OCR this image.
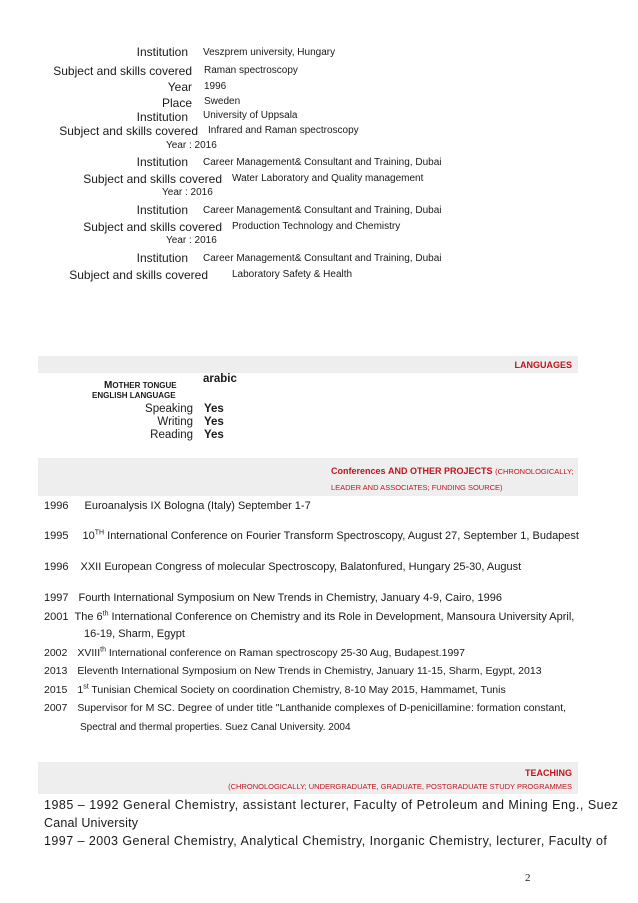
Institution Veszprem university, Hungary
Subject and skills covered Raman spectroscopy
Year 1996
Place Sweden
Institution University of Uppsala
Subject and skills covered Infrared and Raman spectroscopy
Year : 2016
Institution Career Management& Consultant and Training, Dubai
Subject and skills covered Water Laboratory and Quality management
Year : 2016
Institution Career Management& Consultant and Training, Dubai
Subject and skills covered Production Technology and Chemistry
Year : 2016
Institution Career Management& Consultant and Training, Dubai
Subject and skills covered Laboratory Safety & Health
LANGUAGES
MOTHER TONGUE
arabic
ENGLISH LANGUAGE
Speaking Yes
Writing Yes
Reading Yes
Conferences AND OTHER PROJECTS (CHRONOLOGICALLY;
LEADER AND ASSOCIATES; FUNDING SOURCE)
1996 Euroanalysis IX Bologna (Italy) September 1-7
1995 10TH International Conference on Fourier Transform Spectroscopy, August 27, September 1, Budapest
1996 XXII European Congress of molecular Spectroscopy, Balatonfured, Hungary 25-30, August
1997 Fourth International Symposium on New Trends in Chemistry, January 4-9, Cairo, 1996
2001 The 6th International Conference on Chemistry and its Role in Development, Mansoura University April,
16-19, Sharm, Egypt
2002 XVIIIth International conference on Raman spectroscopy 25-30 Aug, Budapest.1997
2013 Eleventh International Symposium on New Trends in Chemistry, January 11-15, Sharm, Egypt, 2013
2015 1st Tunisian Chemical Society on coordination Chemistry, 8-10 May 2015, Hammamet, Tunis
2007 Supervisor for M SC. Degree of under title "Lanthanide complexes of D-penicillamine: formation constant,
Spectral and thermal properties. Suez Canal University. 2004
TEACHING
(CHRONOLOGICALLY; UNDERGRADUATE, GRADUATE, POSTGRADUATE STUDY PROGRAMMES
1985 – 1992 General Chemistry, assistant lecturer, Faculty of Petroleum and Mining Eng., Suez
Canal University
1997 – 2003 General Chemistry, Analytical Chemistry, Inorganic Chemistry, lecturer, Faculty of
2
